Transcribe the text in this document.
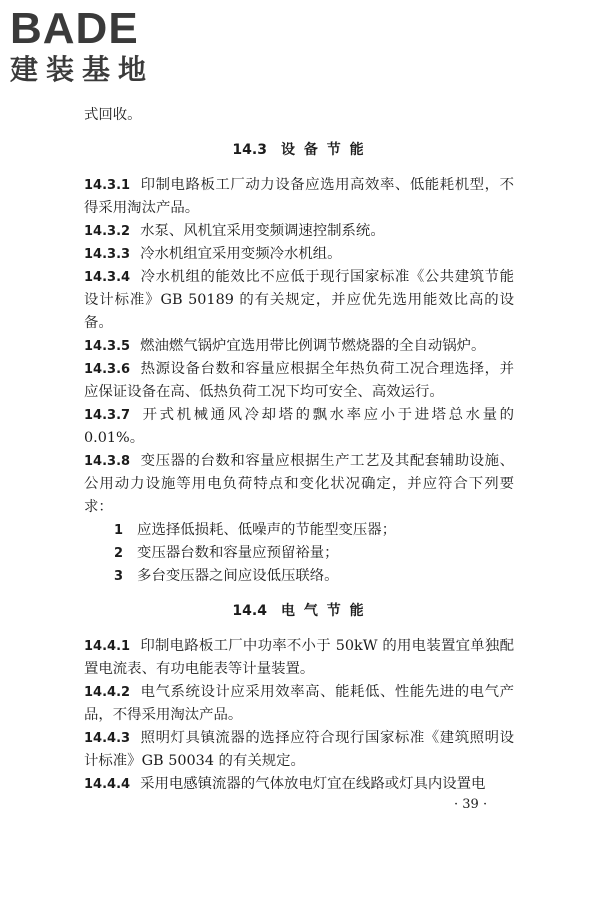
BADE
建装基地

式回收。

14.3 设 备 节 能

14.3.1 印制电路板工厂动力设备应选用高效率、低能耗机型，不得采用淘汰产品。

14.3.2 水泵、风机宜采用变频调速控制系统。

14.3.3 冷水机组宜采用变频冷水机组。

14.3.4 冷水机组的能效比不应低于现行国家标准《公共建筑节能设计标准》GB 50189 的有关规定，并应优先选用能效比高的设备。

14.3.5 燃油燃气锅炉宜选用带比例调节燃烧器的全自动锅炉。

14.3.6 热源设备台数和容量应根据全年热负荷工况合理选择，并应保证设备在高、低热负荷工况下均可安全、高效运行。

14.3.7 开式机械通风冷却塔的飘水率应小于进塔总水量的 0.01%。

14.3.8 变压器的台数和容量应根据生产工艺及其配套辅助设施、公用动力设施等用电负荷特点和变化状况确定，并应符合下列要求：

1 应选择低损耗、低噪声的节能型变压器；

2 变压器台数和容量应预留裕量；

3 多台变压器之间应设低压联络。

14.4 电 气 节 能

14.4.1 印制电路板工厂中功率不小于 50kW 的用电装置宜单独配置电流表、有功电能表等计量装置。

14.4.2 电气系统设计应采用效率高、能耗低、性能先进的电气产品，不得采用淘汰产品。

14.4.3 照明灯具镇流器的选择应符合现行国家标准《建筑照明设计标准》GB 50034 的有关规定。

14.4.4 采用电感镇流器的气体放电灯宜在线路或灯具内设置电

· 39 ·
